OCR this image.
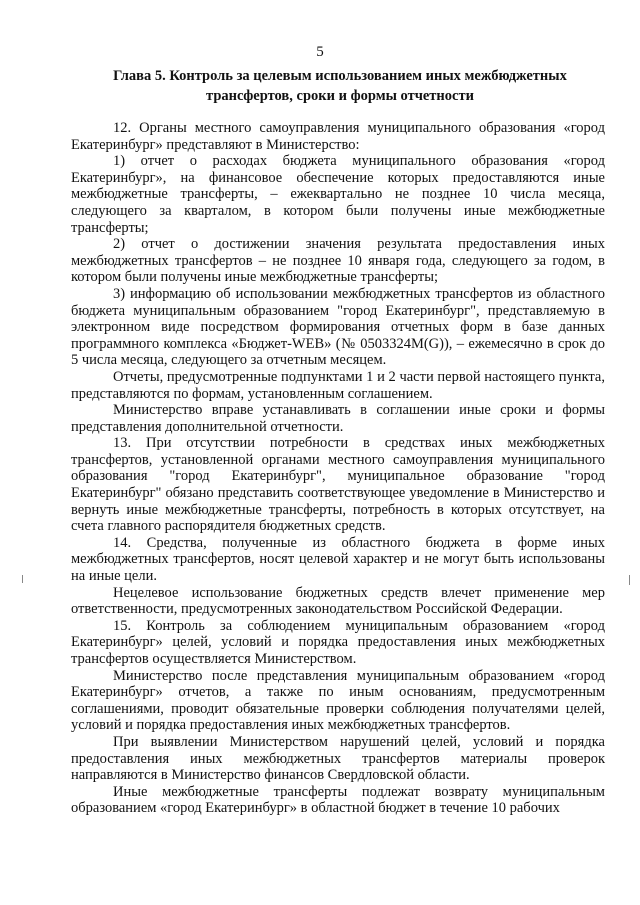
5
Глава 5. Контроль за целевым использованием иных межбюджетных
трансфертов, сроки и формы отчетности

12. Органы местного самоуправления муниципального образования «город Екатеринбург» представляют в Министерство:

1) отчет о расходах бюджета муниципального образования «город Екатеринбург», на финансовое обеспечение которых предоставляются иные межбюджетные трансферты, – ежеквартально не позднее 10 числа месяца, следующего за кварталом, в котором были получены иные межбюджетные трансферты;

2) отчет о достижении значения результата предоставления иных межбюджетных трансфертов – не позднее 10 января года, следующего за годом, в котором были получены иные межбюджетные трансферты;

3) информацию об использовании межбюджетных трансфертов из областного бюджета муниципальным образованием "город Екатеринбург", представляемую в электронном виде посредством формирования отчетных форм в базе данных программного комплекса «Бюджет-WEB» (№ 0503324M(G)), – ежемесячно в срок до 5 числа месяца, следующего за отчетным месяцем.

Отчеты, предусмотренные подпунктами 1 и 2 части первой настоящего пункта, представляются по формам, установленным соглашением.

Министерство вправе устанавливать в соглашении иные сроки и формы представления дополнительной отчетности.

13. При отсутствии потребности в средствах иных межбюджетных трансфертов, установленной органами местного самоуправления муниципального образования "город Екатеринбург", муниципальное образование "город Екатеринбург" обязано представить соответствующее уведомление в Министерство и вернуть иные межбюджетные трансферты, потребность в которых отсутствует, на счета главного распорядителя бюджетных средств.

14. Средства, полученные из областного бюджета в форме иных межбюджетных трансфертов, носят целевой характер и не могут быть использованы на иные цели.

Нецелевое использование бюджетных средств влечет применение мер ответственности, предусмотренных законодательством Российской Федерации.

15. Контроль за соблюдением муниципальным образованием «город Екатеринбург» целей, условий и порядка предоставления иных межбюджетных трансфертов осуществляется Министерством.

Министерство после представления муниципальным образованием «город Екатеринбург» отчетов, а также по иным основаниям, предусмотренным соглашениями, проводит обязательные проверки соблюдения получателями целей, условий и порядка предоставления иных межбюджетных трансфертов.

При выявлении Министерством нарушений целей, условий и порядка предоставления иных межбюджетных трансфертов материалы проверок направляются в Министерство финансов Свердловской области.

Иные межбюджетные трансферты подлежат возврату муниципальным образованием «город Екатеринбург» в областной бюджет в течение 10 рабочих
